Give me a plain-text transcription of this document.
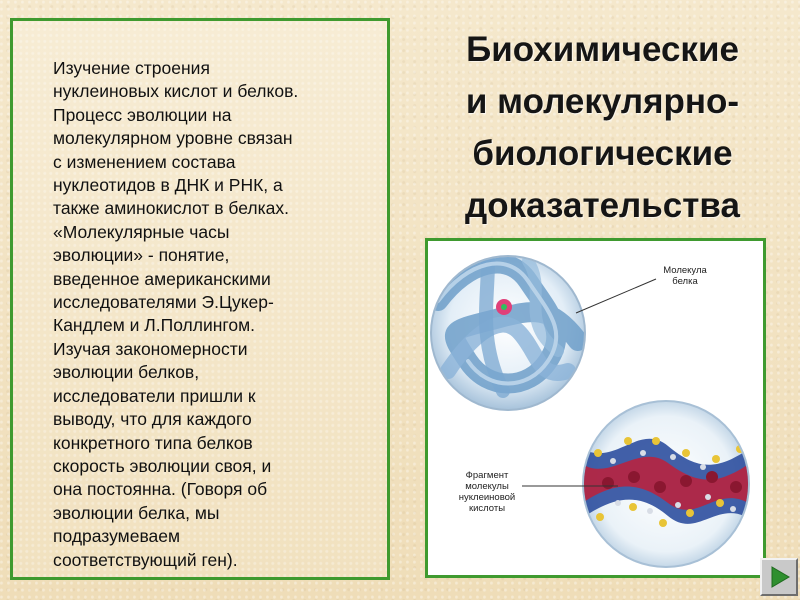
Изучение строения
нуклеиновых кислот и белков.
Процесс эволюции на
молекулярном уровне связан
с изменением состава
нуклеотидов в ДНК и РНК, а
также аминокислот в белках.
«Молекулярные часы
эволюции» - понятие,
введенное американскими
исследователями Э.Цукер-
Кандлем и Л.Поллингом.
Изучая закономерности
эволюции белков,
исследователи пришли к
выводу, что для каждого
конкретного типа белков
скорость эволюции своя, и
она постоянна. (Говоря об
эволюции белка, мы
подразумеваем
соответствующий ген).

Биохимические
и молекулярно-
биологические
доказательства
Молекула
белка
Фрагмент
молекулы
нуклеиновой
кислоты
